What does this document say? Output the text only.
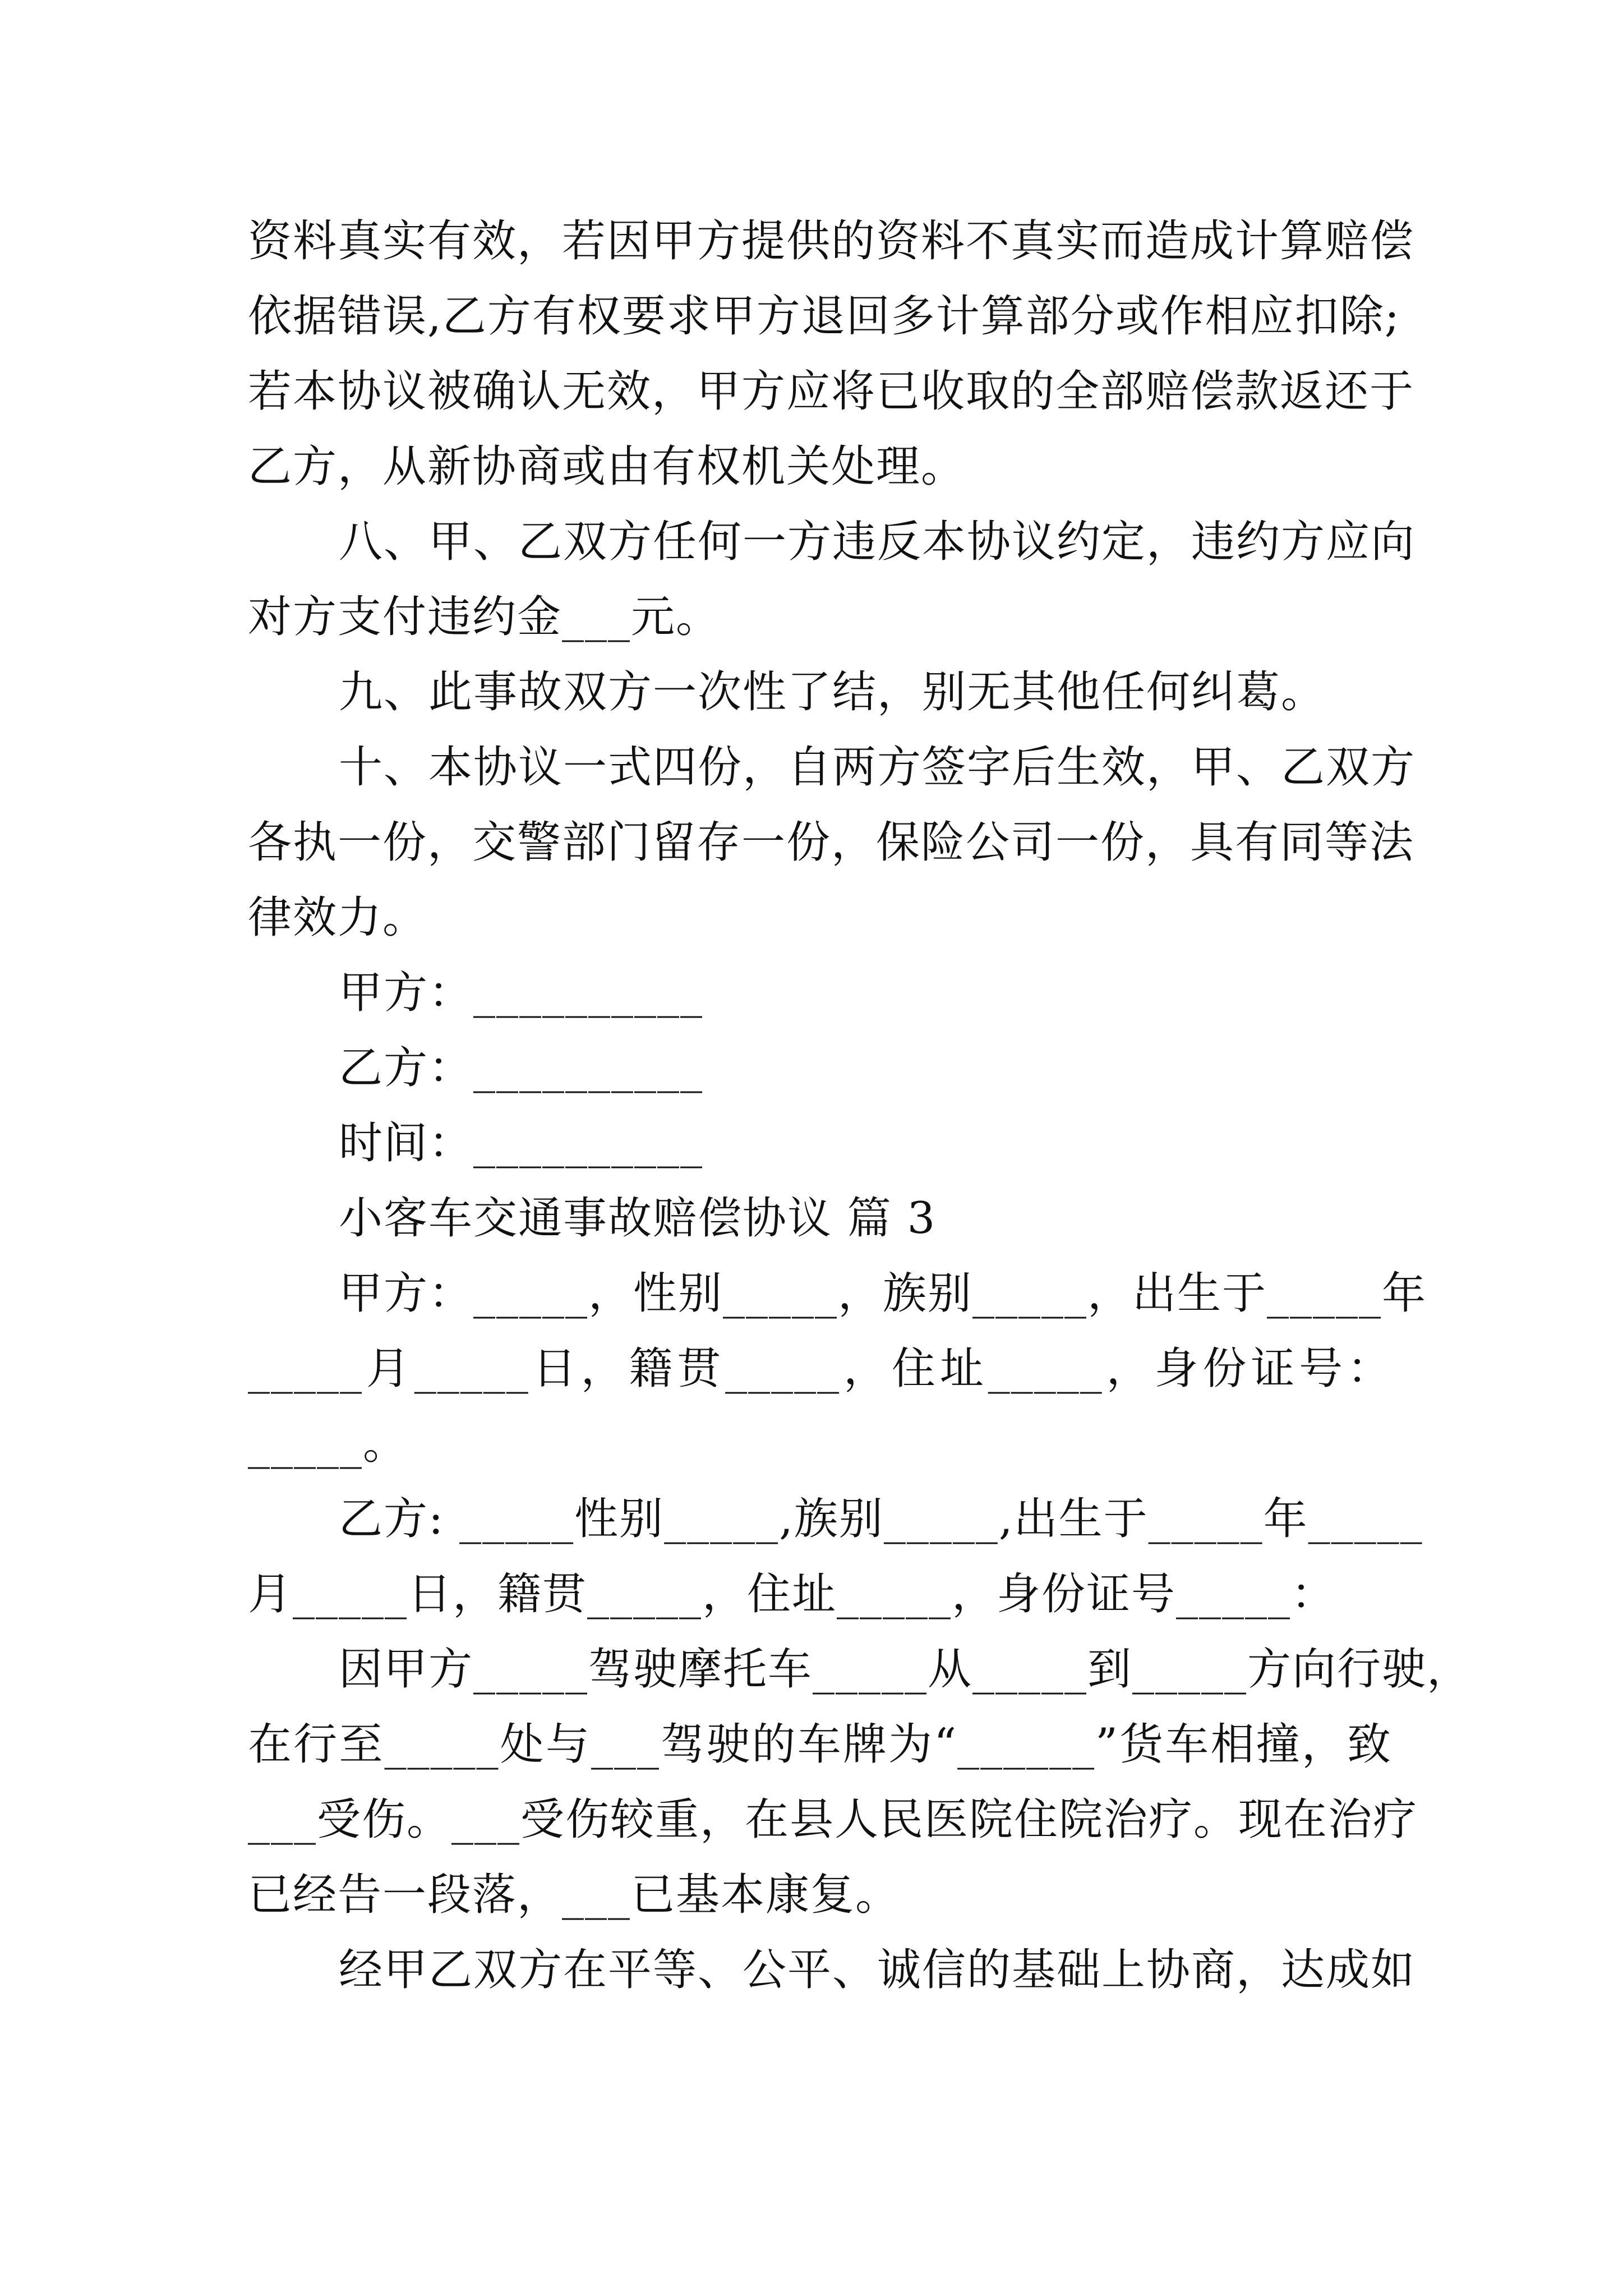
资料真实有效，若因甲方提供的资料不真实而造成计算赔偿
依据错误,乙方有权要求甲方退回多计算部分或作相应扣除;
若本协议被确认无效，甲方应将已收取的全部赔偿款返还于
乙方，从新协商或由有权机关处理。
八、甲、乙双方任何一方违反本协议约定，违约方应向
对方支付违约金___元。
九、此事故双方一次性了结，别无其他任何纠葛。
十、本协议一式四份，自两方签字后生效，甲、乙双方
各执一份，交警部门留存一份，保险公司一份，具有同等法
律效力。
甲方：__________
乙方：__________
时间：__________
小客车交通事故赔偿协议 篇 3
甲方：_____，性别_____，族别_____，出生于_____年
_____月_____日，籍贯_____，住址_____，身份证号：
_____。
乙方: _____性别_____,族别_____,出生于_____年_____
月_____日，籍贯_____，住址_____，身份证号_____：
因甲方_____驾驶摩托车_____从_____到_____方向行驶，
在行至_____处与___驾驶的车牌为“______”货车相撞，致
___受伤。___受伤较重，在县人民医院住院治疗。现在治疗
已经告一段落，___已基本康复。
经甲乙双方在平等、公平、诚信的基础上协商，达成如
